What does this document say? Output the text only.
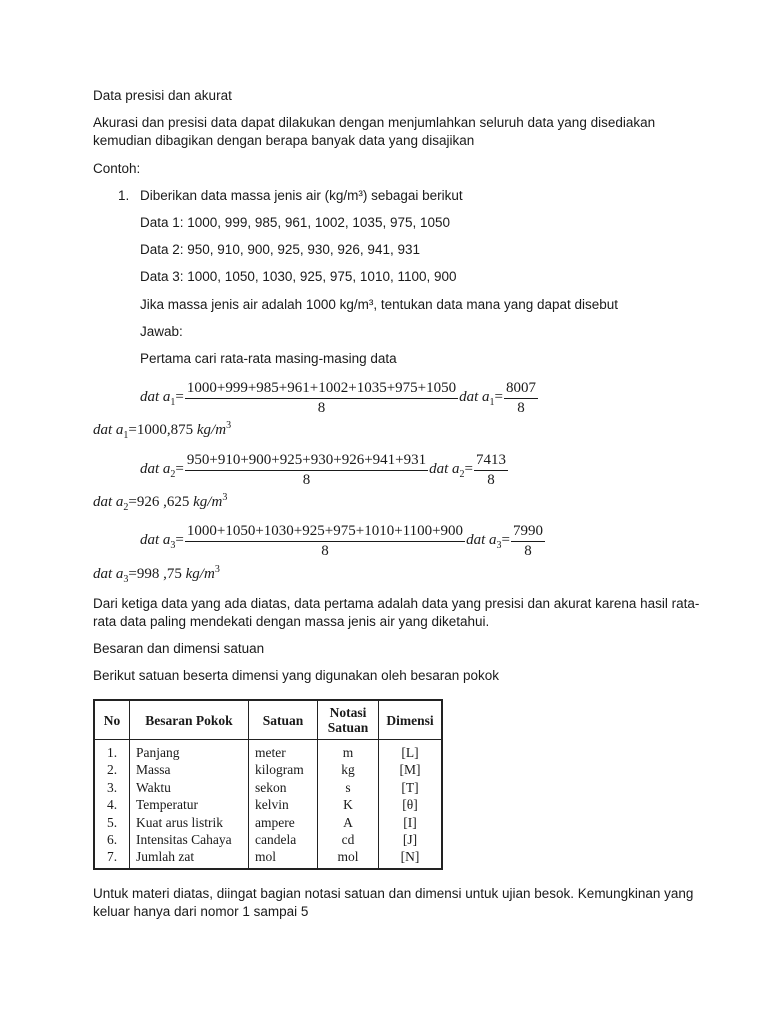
Data presisi dan akurat
Akurasi dan presisi data dapat dilakukan dengan menjumlahkan seluruh data yang disediakan
kemudian dibagikan dengan berapa banyak data yang disajikan
Contoh:
1. Diberikan data massa jenis air (kg/m³) sebagai berikut
Data 1: 1000, 999, 985, 961, 1002, 1035, 975, 1050
Data 2: 950, 910, 900, 925, 930, 926, 941, 931
Data 3: 1000, 1050, 1030, 925, 975, 1010, 1100, 900
Jika massa jenis air adalah 1000 kg/m³, tentukan data mana yang dapat disebut
Jawab:
Pertama cari rata-rata masing-masing data
dat $a_1= \frac{1000+999+985+961+1002+1035+975+1050}{8}$ dat $a_1= \frac{8007}{8}$
dat $a_1=1000,875$ $kg/m^3$
dat $a_2= \frac{950+910+900+925+930+926+941+931}{8}$ dat $a_2= \frac{7413}{8}$
dat $a_2=926$ ,625 $kg/m^3$
dat $a_3= \frac{1000+1050+1030+925+975+1010+1100+900}{8}$ dat $a_3= \frac{7990}{8}$
dat $a_3=998$ ,75 $kg/m^3$
Dari ketiga data yang ada diatas, data pertama adalah data yang presisi dan akurat karena hasil rata-
rata data paling mendekati dengan massa jenis air yang diketahui.
Besaran dan dimensi satuan
Berikut satuan beserta dimensi yang digunakan oleh besaran pokok
No	Besaran Pokok	Satuan	Notasi Satuan	Dimensi
1.	Panjang	meter	m	[L]
2.	Massa	kilogram	kg	[M]
3.	Waktu	sekon	s	[T]
4.	Temperatur	kelvin	K	[θ]
5.	Kuat arus listrik	ampere	A	[I]
6.	Intensitas Cahaya	candela	cd	[J]
7.	Jumlah zat	mol	mol	[N]
Untuk materi diatas, diingat bagian notasi satuan dan dimensi untuk ujian besok. Kemungkinan yang
keluar hanya dari nomor 1 sampai 5
